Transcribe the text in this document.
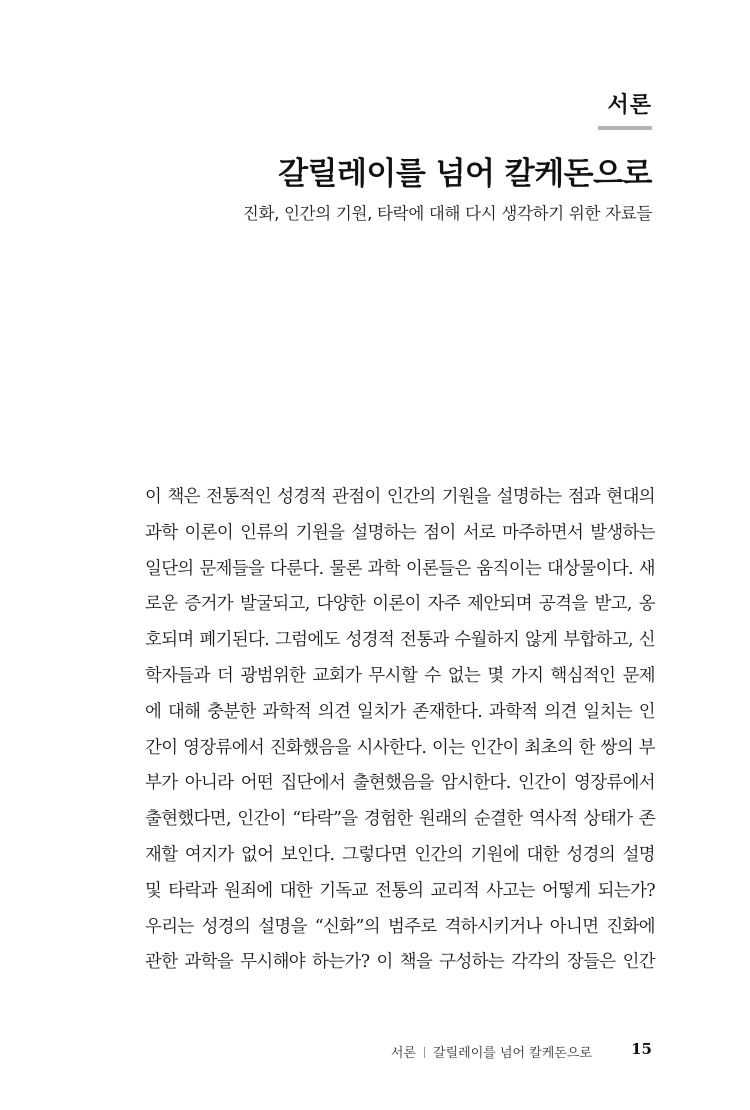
서론
갈릴레이를 넘어 칼케돈으로
진화, 인간의 기원, 타락에 대해 다시 생각하기 위한 자료들
이 책은 전통적인 성경적 관점이 인간의 기원을 설명하는 점과 현대의
과학 이론이 인류의 기원을 설명하는 점이 서로 마주하면서 발생하는
일단의 문제들을 다룬다. 물론 과학 이론들은 움직이는 대상물이다. 새
로운 증거가 발굴되고, 다양한 이론이 자주 제안되며 공격을 받고, 옹
호되며 폐기된다. 그럼에도 성경적 전통과 수월하지 않게 부합하고, 신
학자들과 더 광범위한 교회가 무시할 수 없는 몇 가지 핵심적인 문제
에 대해 충분한 과학적 의견 일치가 존재한다. 과학적 의견 일치는 인
간이 영장류에서 진화했음을 시사한다. 이는 인간이 최초의 한 쌍의 부
부가 아니라 어떤 집단에서 출현했음을 암시한다. 인간이 영장류에서
출현했다면, 인간이 “타락”을 경험한 원래의 순결한 역사적 상태가 존
재할 여지가 없어 보인다. 그렇다면 인간의 기원에 대한 성경의 설명
및 타락과 원죄에 대한 기독교 전통의 교리적 사고는 어떻게 되는가?
우리는 성경의 설명을 “신화”의 범주로 격하시키거나 아니면 진화에
관한 과학을 무시해야 하는가? 이 책을 구성하는 각각의 장들은 인간
서론 갈릴레이를 넘어 칼케돈으로	15
